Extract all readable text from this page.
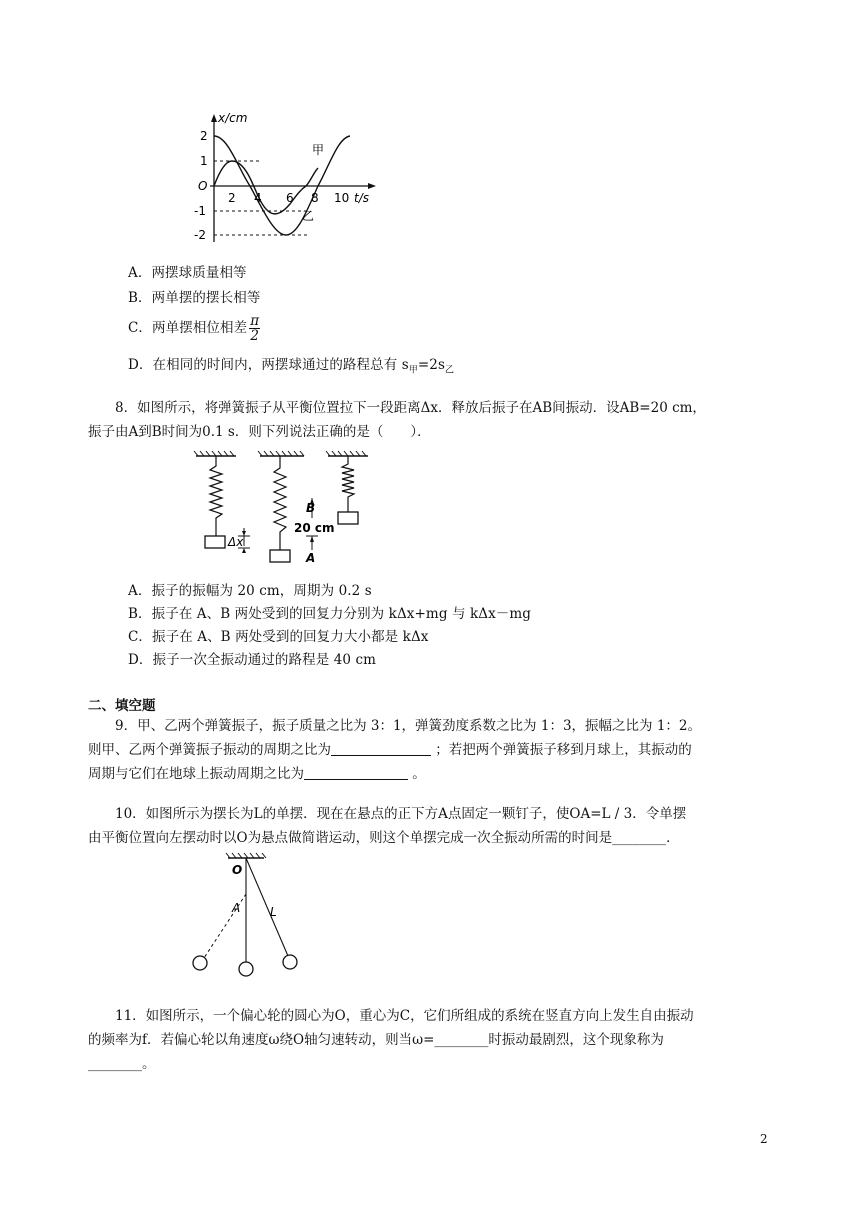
x/cm
2
1
O
-1
-2
2 4 6 8 10 t/s
甲
乙
A．两摆球质量相等
B．两单摆的摆长相等
C．两单摆相位相差 $\frac{\pi}{2}$
D．在相同的时间内，两摆球通过的路程总有 $s_甲=2s_乙$

8．如图所示，将弹簧振子从平衡位置拉下一段距离Δx．释放后振子在AB间振动．设AB=20 cm，

振子由A到B时间为0.1 s．则下列说法正确的是（　　）．

Δx
B
20 cm
A
A．振子的振幅为 20 cm，周期为 0.2 s
B．振子在 A、B 两处受到的回复力分别为 kΔx+mg 与 kΔx－mg
C．振子在 A、B 两处受到的回复力大小都是 kΔx
D．振子一次全振动通过的路程是 40 cm
二、填空题

9．甲、乙两个弹簧振子，振子质量之比为 3：1，弹簧劲度系数之比为 1：3，振幅之比为 1：2。

则甲、乙两个弹簧振子振动的周期之比为	；若把两个弹簧振子移到月球上，其振动的

周期与它们在地球上振动周期之比为	。

10．如图所示为摆长为L的单摆．现在在悬点的正下方A点固定一颗钉子，使OA=L / 3．令单摆

由平衡位置向左摆动时以O为悬点做简谐运动，则这个单摆完成一次全振动所需的时间是________．

O
A L

11．如图所示，一个偏心轮的圆心为O，重心为C，它们所组成的系统在竖直方向上发生自由振动

的频率为f．若偏心轮以角速度ω绕O轴匀速转动，则当ω=________时振动最剧烈，这个现象称为

________。

2
